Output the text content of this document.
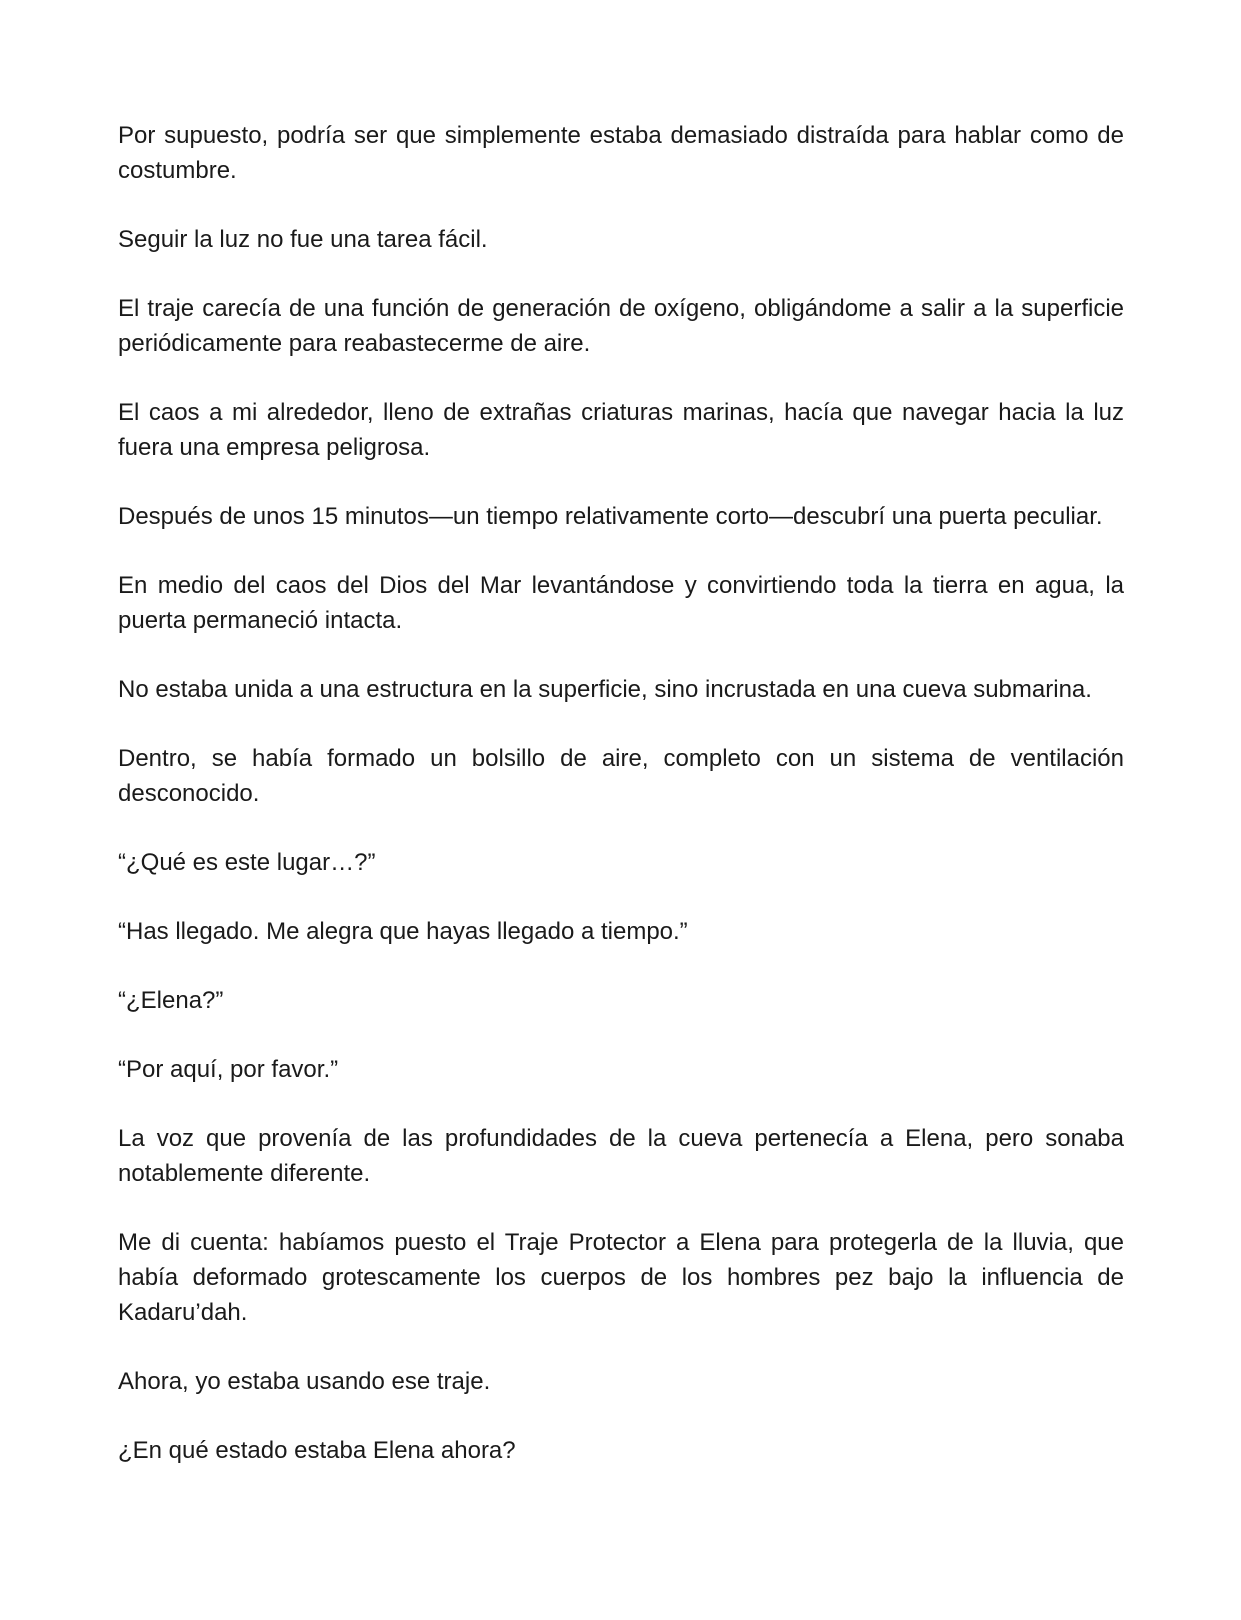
Por supuesto, podría ser que simplemente estaba demasiado distraída para hablar como de costumbre.

Seguir la luz no fue una tarea fácil.

El traje carecía de una función de generación de oxígeno, obligándome a salir a la superficie periódicamente para reabastecerme de aire.

El caos a mi alrededor, lleno de extrañas criaturas marinas, hacía que navegar hacia la luz fuera una empresa peligrosa.

Después de unos 15 minutos—un tiempo relativamente corto—descubrí una puerta peculiar.

En medio del caos del Dios del Mar levantándose y convirtiendo toda la tierra en agua, la puerta permaneció intacta.

No estaba unida a una estructura en la superficie, sino incrustada en una cueva submarina.

Dentro, se había formado un bolsillo de aire, completo con un sistema de ventilación desconocido.

“¿Qué es este lugar…?”

“Has llegado. Me alegra que hayas llegado a tiempo.”

“¿Elena?”

“Por aquí, por favor.”

La voz que provenía de las profundidades de la cueva pertenecía a Elena, pero sonaba notablemente diferente.

Me di cuenta: habíamos puesto el Traje Protector a Elena para protegerla de la lluvia, que había deformado grotescamente los cuerpos de los hombres pez bajo la influencia de Kadaru’dah.

Ahora, yo estaba usando ese traje.

¿En qué estado estaba Elena ahora?
